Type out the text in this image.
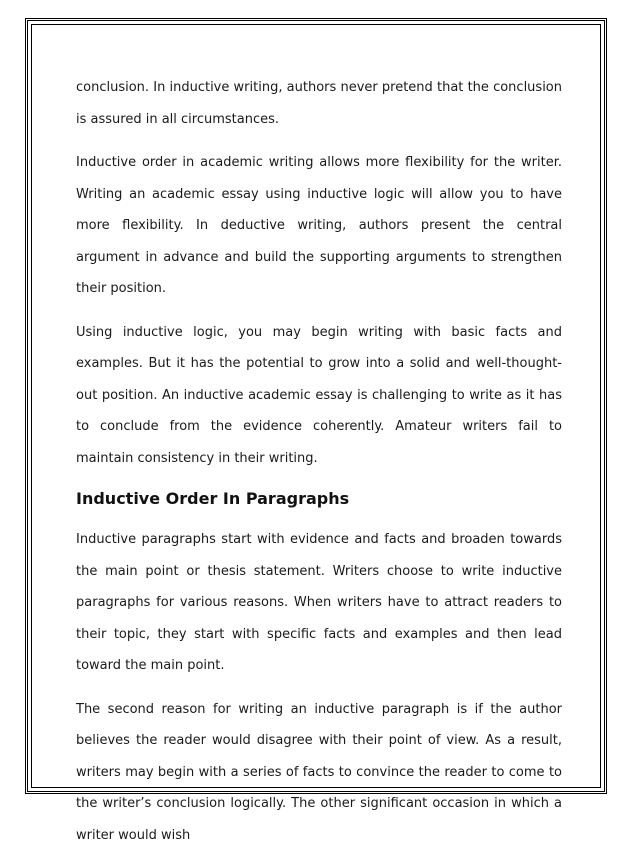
conclusion. In inductive writing, authors never pretend that the conclusion is assured in all circumstances.

Inductive order in academic writing allows more flexibility for the writer. Writing an academic essay using inductive logic will allow you to have more flexibility. In deductive writing, authors present the central argument in advance and build the supporting arguments to strengthen their position.

Using inductive logic, you may begin writing with basic facts and examples. But it has the potential to grow into a solid and well-thought-out position. An inductive academic essay is challenging to write as it has to conclude from the evidence coherently. Amateur writers fail to maintain consistency in their writing.

Inductive Order In Paragraphs

Inductive paragraphs start with evidence and facts and broaden towards the main point or thesis statement. Writers choose to write inductive paragraphs for various reasons. When writers have to attract readers to their topic, they start with specific facts and examples and then lead toward the main point.

The second reason for writing an inductive paragraph is if the author believes the reader would disagree with their point of view. As a result, writers may begin with a series of facts to convince the reader to come to the writer’s conclusion logically. The other significant occasion in which a writer would wish
